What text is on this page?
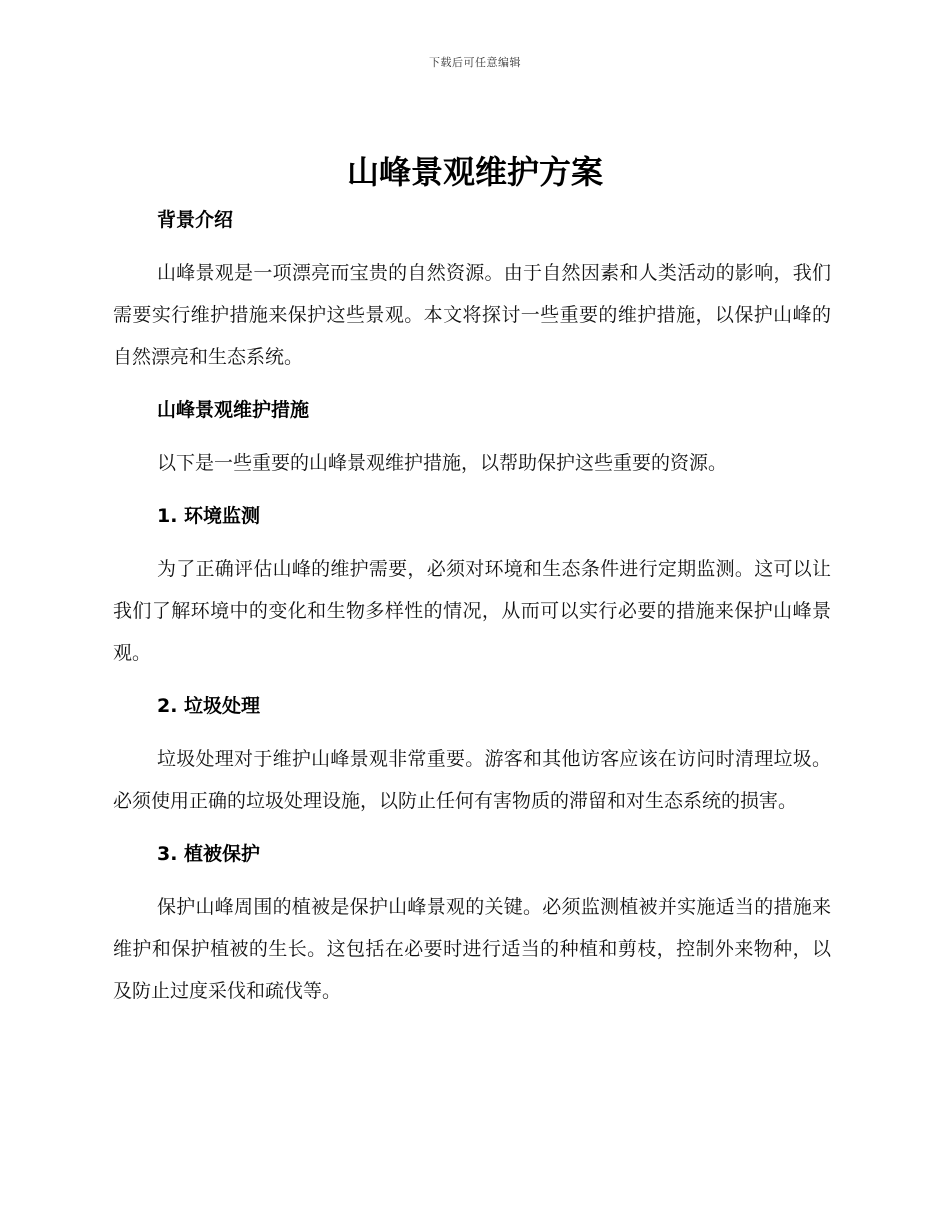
下载后可任意编辑
山峰景观维护方案
背景介绍

山峰景观是一项漂亮而宝贵的自然资源。由于自然因素和人类活动的影响，我们需要实行维护措施来保护这些景观。本文将探讨一些重要的维护措施，以保护山峰的自然漂亮和生态系统。

山峰景观维护措施

以下是一些重要的山峰景观维护措施，以帮助保护这些重要的资源。

1. 环境监测

为了正确评估山峰的维护需要，必须对环境和生态条件进行定期监测。这可以让我们了解环境中的变化和生物多样性的情况，从而可以实行必要的措施来保护山峰景观。

2. 垃圾处理

垃圾处理对于维护山峰景观非常重要。游客和其他访客应该在访问时清理垃圾。必须使用正确的垃圾处理设施，以防止任何有害物质的滞留和对生态系统的损害。

3. 植被保护

保护山峰周围的植被是保护山峰景观的关键。必须监测植被并实施适当的措施来维护和保护植被的生长。这包括在必要时进行适当的种植和剪枝，控制外来物种，以及防止过度采伐和疏伐等。
